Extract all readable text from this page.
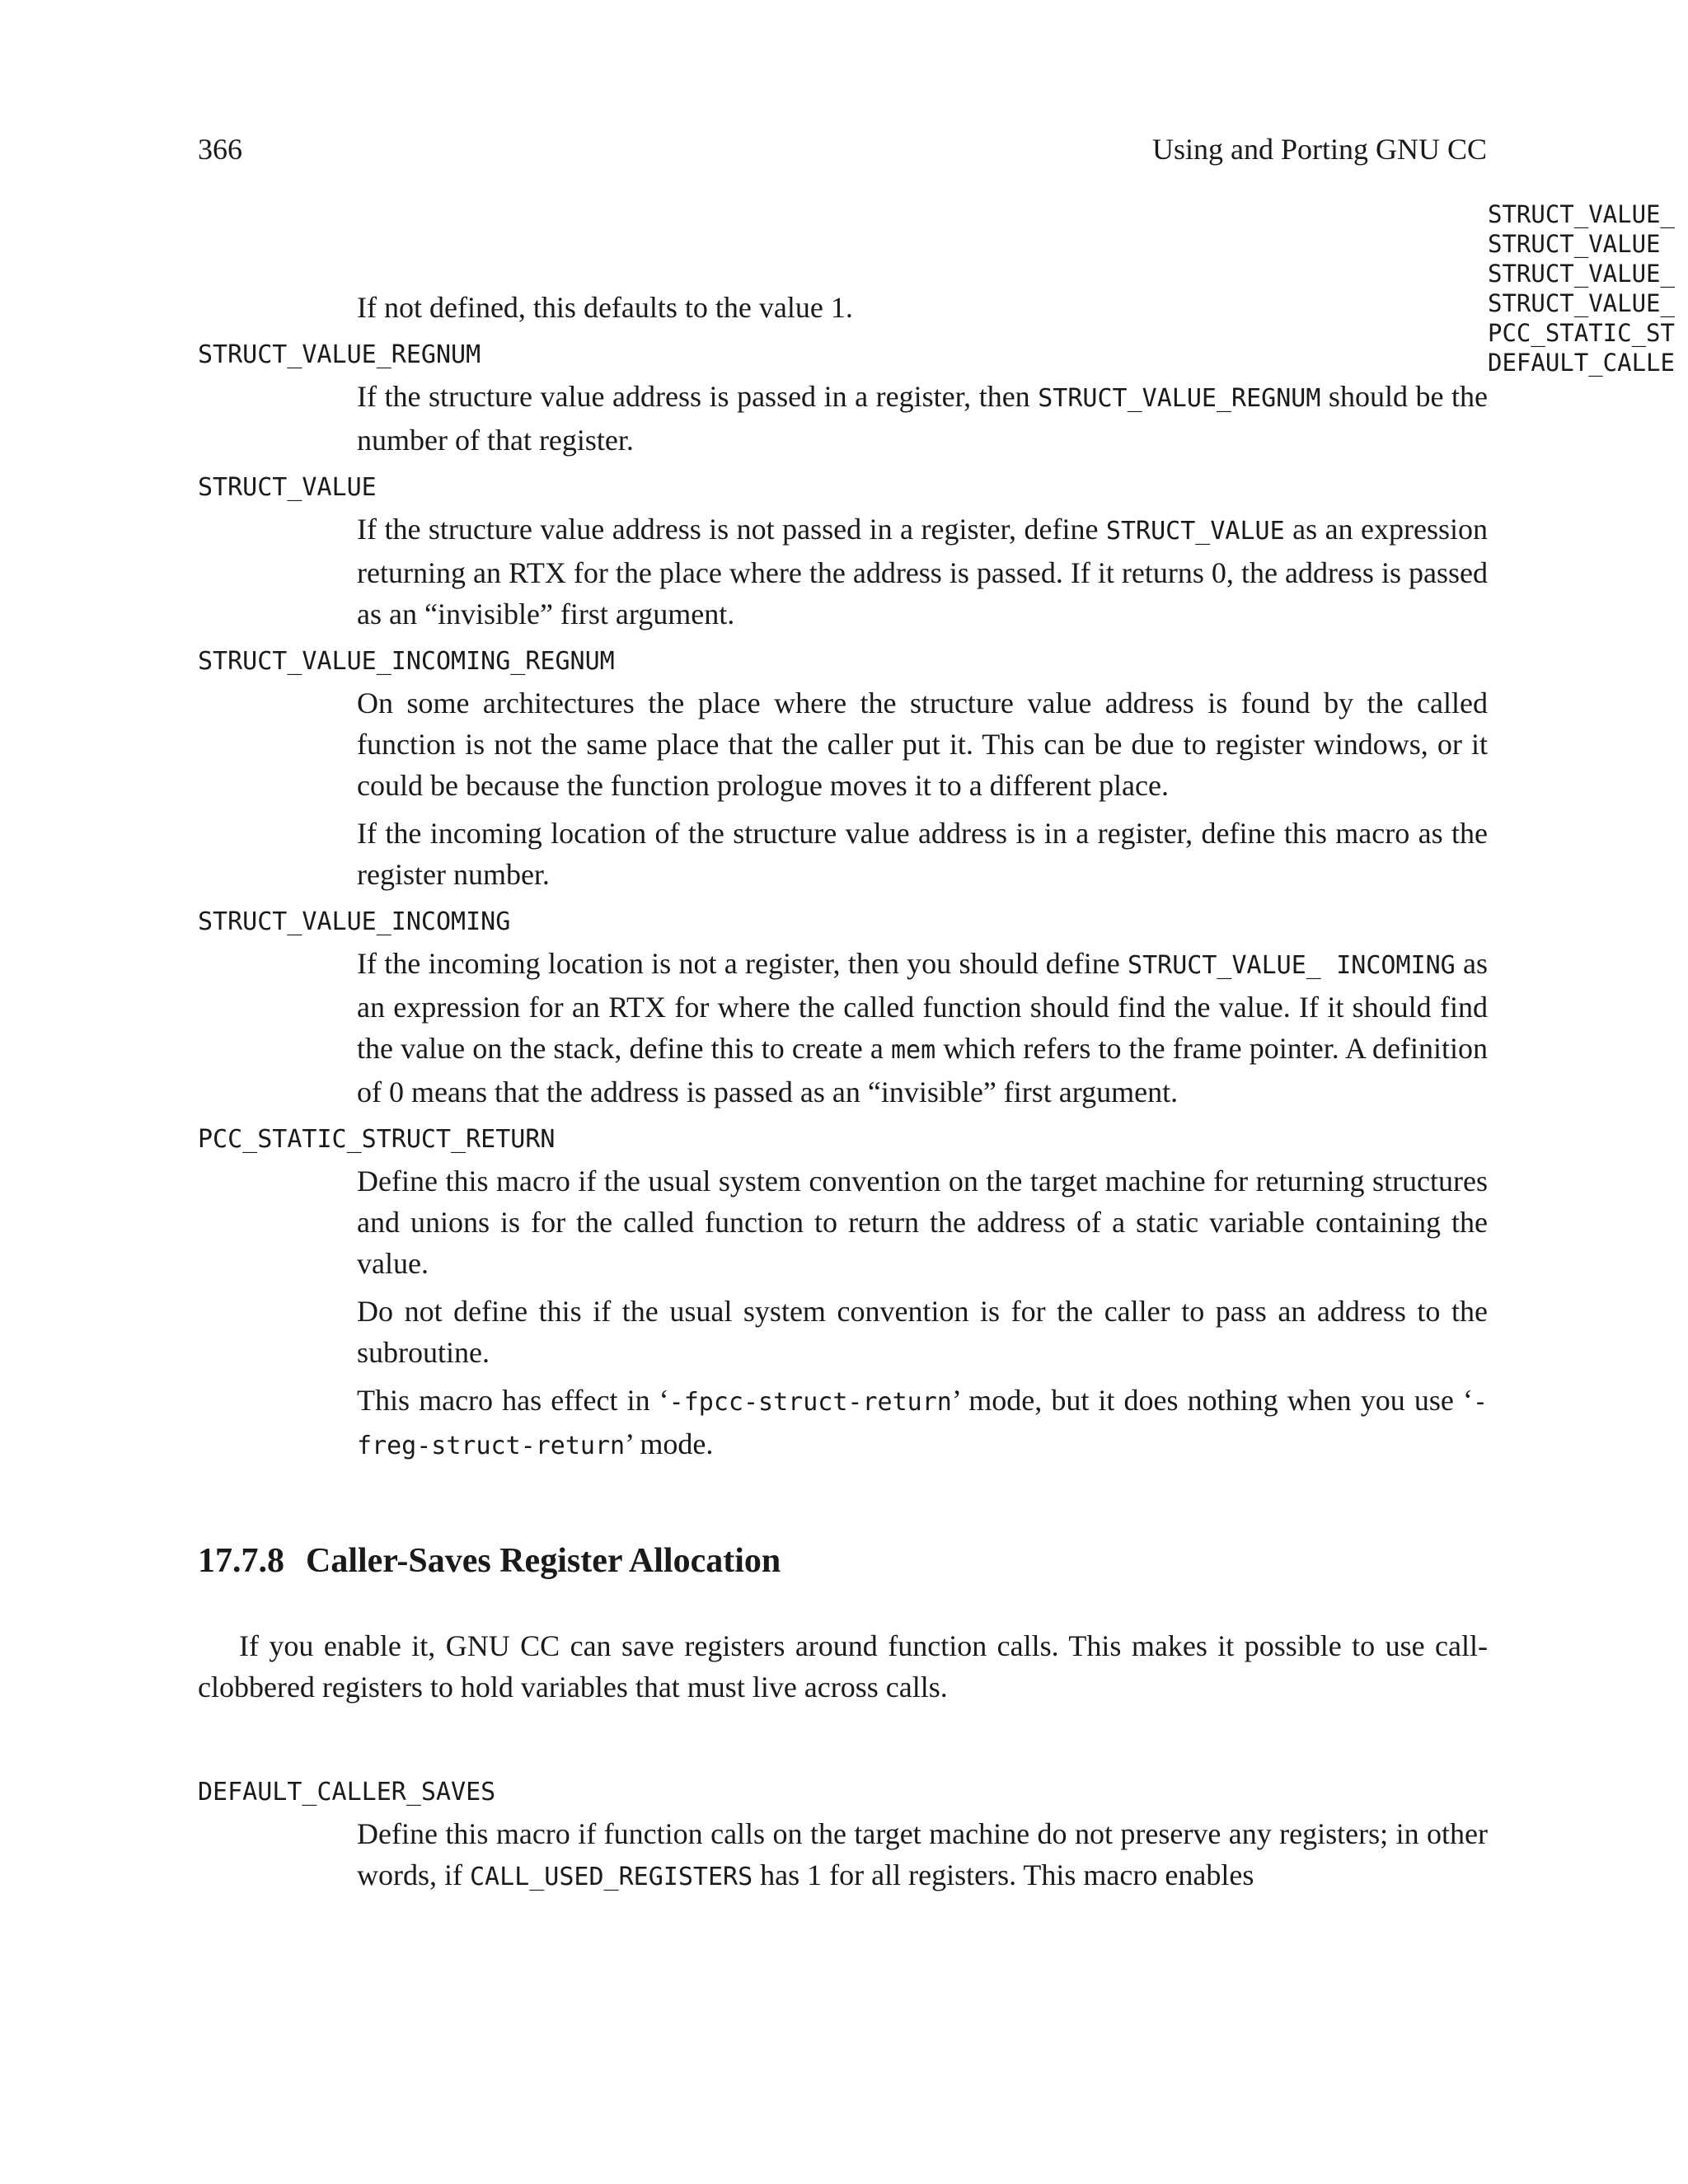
366	Using and Porting GNU CC
STRUCT_VALUE_
STRUCT_VALUE
STRUCT_VALUE_
STRUCT_VALUE_
PCC_STATIC_ST
DEFAULT_CALLE

If not defined, this defaults to the value 1.

STRUCT_VALUE_REGNUM

If the structure value address is passed in a register, then STRUCT_VALUE_REGNUM should be the number of that register.

STRUCT_VALUE

If the structure value address is not passed in a register, define STRUCT_VALUE as an expression returning an RTX for the place where the address is passed. If it returns 0, the address is passed as an “invisible” first argument.

STRUCT_VALUE_INCOMING_REGNUM

On some architectures the place where the structure value address is found by the called function is not the same place that the caller put it. This can be due to register windows, or it could be because the function prologue moves it to a different place.

If the incoming location of the structure value address is in a register, define this macro as the register number.

STRUCT_VALUE_INCOMING

If the incoming location is not a register, then you should define STRUCT_VALUE_ INCOMING as an expression for an RTX for where the called function should find the value. If it should find the value on the stack, define this to create a mem which refers to the frame pointer. A definition of 0 means that the address is passed as an “invisible” first argument.

PCC_STATIC_STRUCT_RETURN

Define this macro if the usual system convention on the target machine for returning structures and unions is for the called function to return the address of a static variable containing the value.

Do not define this if the usual system convention is for the caller to pass an address to the subroutine.

This macro has effect in ‘-fpcc-struct-return’ mode, but it does nothing when you use ‘-freg-struct-return’ mode.

17.7.8 Caller-Saves Register Allocation

If you enable it, GNU CC can save registers around function calls. This makes it possible to use call-clobbered registers to hold variables that must live across calls.

DEFAULT_CALLER_SAVES

Define this macro if function calls on the target machine do not preserve any registers; in other words, if CALL_USED_REGISTERS has 1 for all registers. This macro enables
